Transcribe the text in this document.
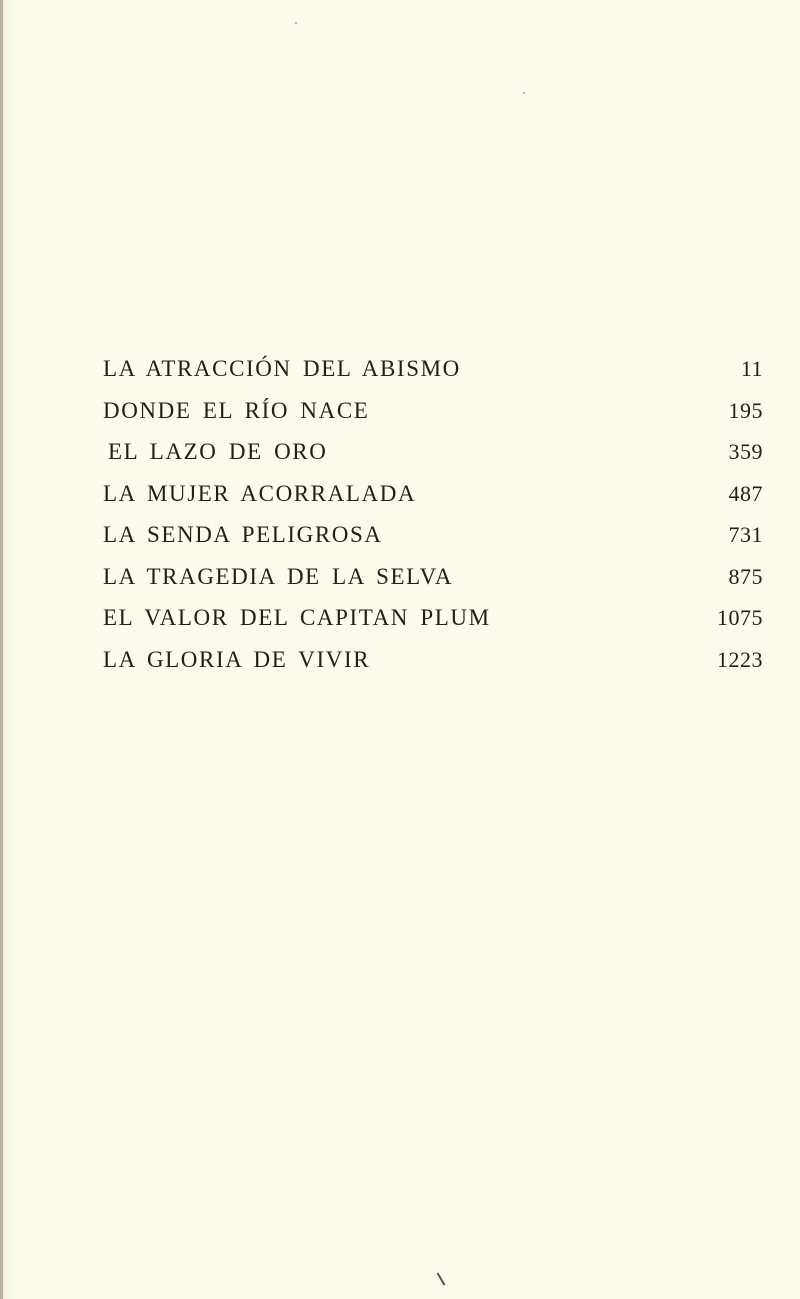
LA ATRACCIÓN DEL ABISMO	11
DONDE EL RÍO NACE	195
EL LAZO DE ORO	359
LA MUJER ACORRALADA	487
LA SENDA PELIGROSA	731
LA TRAGEDIA DE LA SELVA	875
EL VALOR DEL CAPITAN PLUM	1075
LA GLORIA DE VIVIR	1223
